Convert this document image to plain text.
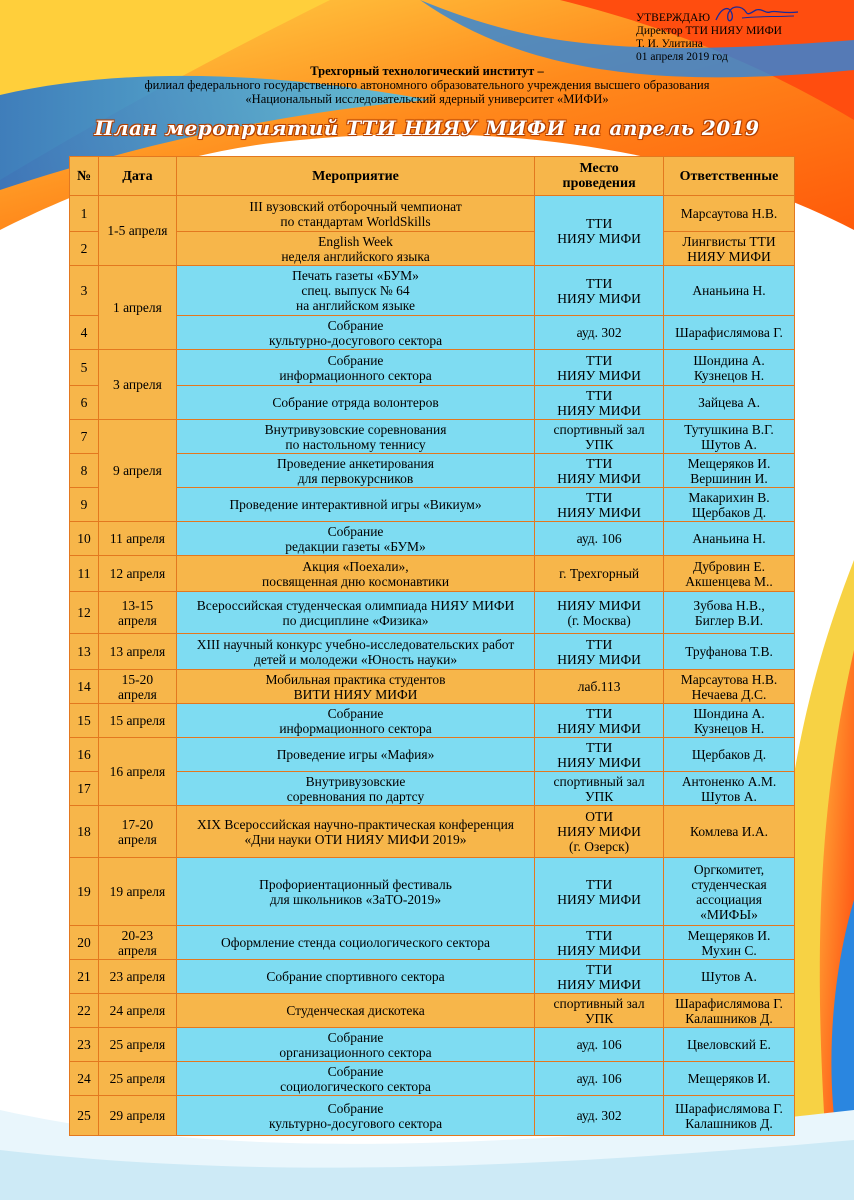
УТВЕРЖДАЮ
Директор ТТИ НИЯУ МИФИ
Т. И. Улитина
01 апреля 2019 год
Трехгорный технологический институт –
филиал федерального государственного автономного образовательного учреждения высшего образования
«Национальный исследовательский ядерный университет «МИФИ»
План мероприятий ТТИ НИЯУ МИФИ на апрель 2019
№	Дата	Мероприятие	Место
проведения	Ответственные
1	1-5 апреля	III вузовский отборочный чемпионат
по стандартам WorldSkills	ТТИ
НИЯУ МИФИ	Марсаутова Н.В.

2		English Week
неделя английского языка		Лингвисты ТТИ
НИЯУ МИФИ

3	1 апреля	Печать газеты «БУМ»
спец. выпуск № 64
на английском языке	ТТИ
НИЯУ МИФИ	Ананьина Н.

4		Собрание
культурно-досугового сектора	ауд. 302	Шарафислямова Г.

5	3 апреля	Собрание
информационного сектора	ТТИ
НИЯУ МИФИ	Шондина А.
Кузнецов Н.

6		Собрание отряда волонтеров	ТТИ
НИЯУ МИФИ	Зайцева А.

7	9 апреля	Внутривузовские соревнования
по настольному теннису	спортивный зал
УПК	Тутушкина В.Г.
Шутов А.

8		Проведение анкетирования
для первокурсников	ТТИ
НИЯУ МИФИ	Мещеряков И.
Вершинин И.

9		Проведение интерактивной игры «Викиум»	ТТИ
НИЯУ МИФИ	Макарихин В.
Щербаков Д.

10	11 апреля	Собрание
редакции газеты «БУМ»	ауд. 106	Ананьина Н.

11	12 апреля	Акция «Поехали»,
посвященная дню космонавтики	г. Трехгорный	Дубровин Е.
Акшенцева М..

12	13-15 апреля	Всероссийская студенческая олимпиада НИЯУ МИФИ
по дисциплине «Физика»	НИЯУ МИФИ
(г. Москва)	Зубова Н.В.,
Биглер В.И.

13	13 апреля	XIII научный конкурс учебно-исследовательских работ
детей и молодежи «Юность науки»	ТТИ
НИЯУ МИФИ	Труфанова Т.В.

14	15-20 апреля	Мобильная практика студентов
ВИТИ НИЯУ МИФИ	лаб.113	Марсаутова Н.В.
Нечаева Д.С.

15	15 апреля	Собрание
информационного сектора	ТТИ
НИЯУ МИФИ	Шондина А.
Кузнецов Н.

16	16 апреля	Проведение игры «Мафия»	ТТИ
НИЯУ МИФИ	Щербаков Д.

17		Внутривузовские
соревнования по дартсу	спортивный зал
УПК	Антоненко А.М.
Шутов А.

18	17-20 апреля	XIX Всероссийская научно-практическая конференция
«Дни науки ОТИ НИЯУ МИФИ 2019»	ОТИ
НИЯУ МИФИ
(г. Озерск)	Комлева И.А.

19	19 апреля	Профориентационный фестиваль
для школьников «ЗаТО-2019»	ТТИ
НИЯУ МИФИ	Оргкомитет,
студенческая
ассоциация
«МИФЫ»

20	20-23 апреля	Оформление стенда социологического сектора	ТТИ
НИЯУ МИФИ	Мещеряков И.
Мухин С.

21	23 апреля	Собрание спортивного сектора	ТТИ
НИЯУ МИФИ	Шутов А.

22	24 апреля	Студенческая дискотека	спортивный зал
УПК	Шарафислямова Г.
Калашников Д.

23	25 апреля	Собрание
организационного сектора	ауд. 106	Цвеловский Е.

24	25 апреля	Собрание
социологического сектора	ауд. 106	Мещеряков И.

25	29 апреля	Собрание
культурно-досугового сектора	ауд. 302	Шарафислямова Г.
Калашников Д.
